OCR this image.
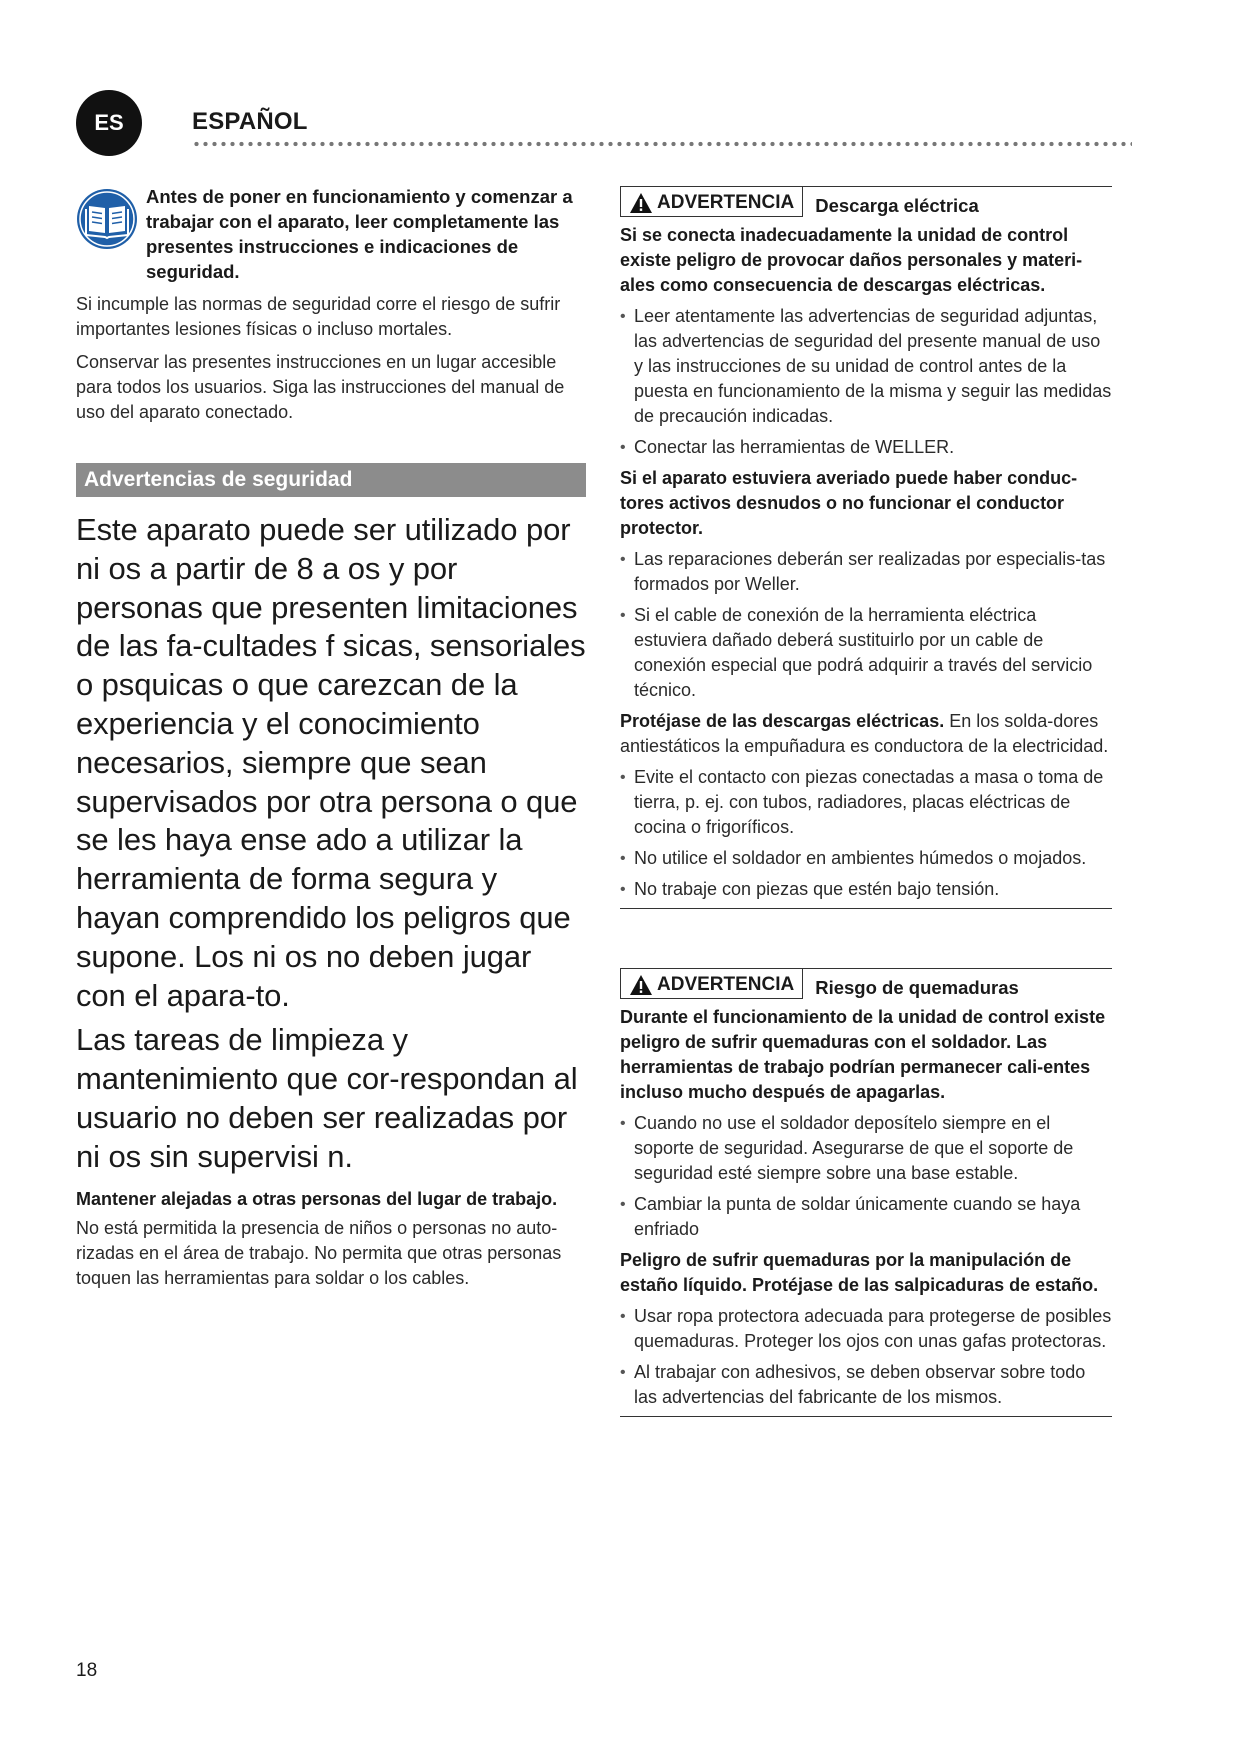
ES	ESPAÑOL
Antes de poner en funcionamiento y comenzar a trabajar con el aparato, leer completamente las presentes instrucciones e indicaciones de seguridad.

Si incumple las normas de seguridad corre el riesgo de sufrir importantes lesiones físicas o incluso mortales.

Conservar las presentes instrucciones en un lugar accesible para todos los usuarios. Siga las instrucciones del manual de uso del aparato conectado.

Advertencias de seguridad

Este aparato puede ser utilizado por ni os a partir de 8 a os y por personas que presenten limitaciones de las fa-cultades f sicas, sensoriales o psquicas o que carezcan de la experiencia y el conocimiento necesarios, siempre que sean supervisados por otra persona o que se les haya ense ado a utilizar la herramienta de forma segura y hayan comprendido los peligros que supone. Los ni os no deben jugar con el apara-to.

Las tareas de limpieza y mantenimiento que cor-respondan al usuario no deben ser realizadas por ni os sin supervisi n.

Mantener alejadas a otras personas del lugar de trabajo.

No está permitida la presencia de niños o personas no auto-rizadas en el área de trabajo. No permita que otras personas toquen las herramientas para soldar o los cables.

ADVERTENCIA	Descarga eléctrica

Si se conecta inadecuadamente la unidad de control existe peligro de provocar daños personales y materi-ales como consecuencia de descargas eléctricas.

• Leer atentamente las advertencias de seguridad adjuntas, las advertencias de seguridad del presente manual de uso y las instrucciones de su unidad de control antes de la puesta en funcionamiento de la misma y seguir las medidas de precaución indicadas.
• Conectar las herramientas de WELLER.

Si el aparato estuviera averiado puede haber conduc-tores activos desnudos o no funcionar el conductor protector.

• Las reparaciones deberán ser realizadas por especialis-tas formados por Weller.
• Si el cable de conexión de la herramienta eléctrica estuviera dañado deberá sustituirlo por un cable de conexión especial que podrá adquirir a través del servicio técnico.

Protéjase de las descargas eléctricas. En los solda-dores antiestáticos la empuñadura es conductora de la electricidad.

• Evite el contacto con piezas conectadas a masa o toma de tierra, p. ej. con tubos, radiadores, placas eléctricas de cocina o frigoríficos.
• No utilice el soldador en ambientes húmedos o mojados.
• No trabaje con piezas que estén bajo tensión.
ADVERTENCIA	Riesgo de quemaduras

Durante el funcionamiento de la unidad de control existe peligro de sufrir quemaduras con el soldador. Las herramientas de trabajo podrían permanecer cali-entes incluso mucho después de apagarlas.

• Cuando no use el soldador deposítelo siempre en el soporte de seguridad. Asegurarse de que el soporte de seguridad esté siempre sobre una base estable.
• Cambiar la punta de soldar únicamente cuando se haya enfriado

Peligro de sufrir quemaduras por la manipulación de estaño líquido. Protéjase de las salpicaduras de estaño.

• Usar ropa protectora adecuada para protegerse de posibles quemaduras. Proteger los ojos con unas gafas protectoras.
• Al trabajar con adhesivos, se deben observar sobre todo las advertencias del fabricante de los mismos.
18
